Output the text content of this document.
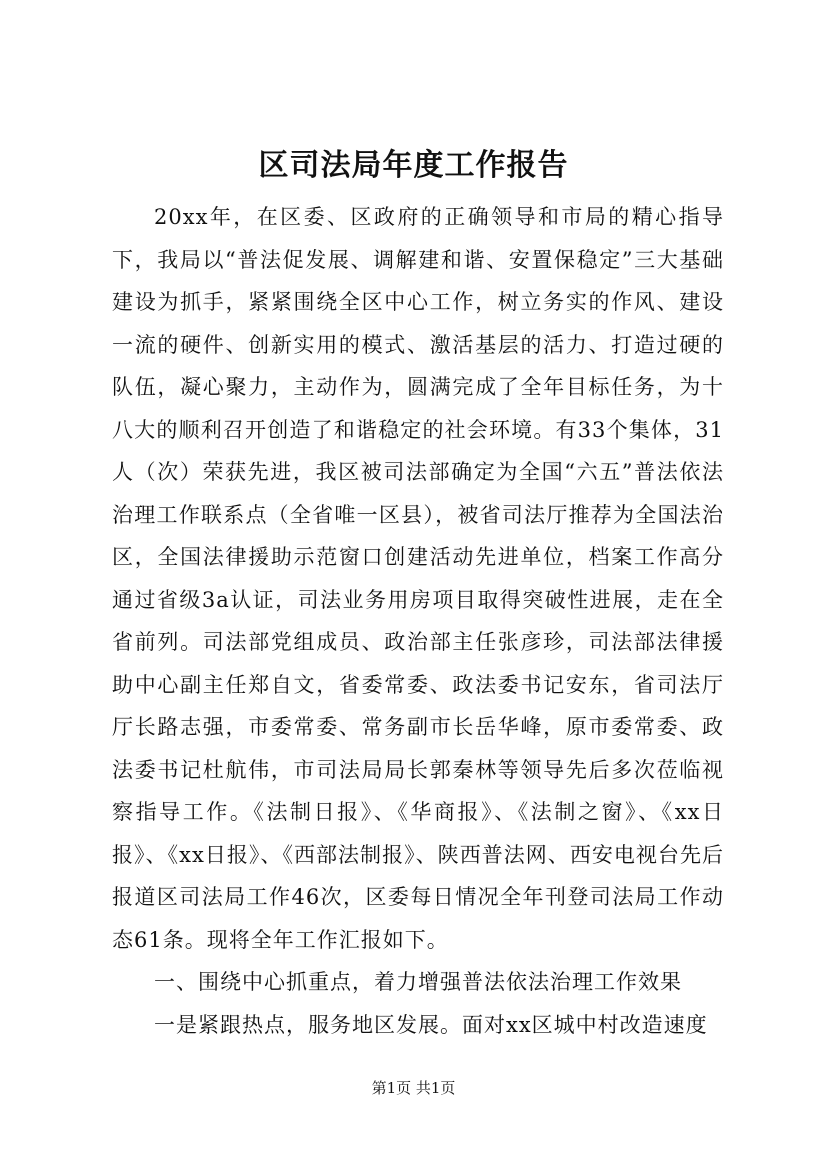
区司法局年度工作报告

20xx年，在区委、区政府的正确领导和市局的精心指导下，我局以“普法促发展、调解建和谐、安置保稳定”三大基础建设为抓手，紧紧围绕全区中心工作，树立务实的作风、建设一流的硬件、创新实用的模式、激活基层的活力、打造过硬的队伍，凝心聚力，主动作为，圆满完成了全年目标任务，为十八大的顺利召开创造了和谐稳定的社会环境。有33个集体，31人（次）荣获先进，我区被司法部确定为全国“六五”普法依法治理工作联系点（全省唯一区县），被省司法厅推荐为全国法治区，全国法律援助示范窗口创建活动先进单位，档案工作高分通过省级3a认证，司法业务用房项目取得突破性进展，走在全省前列。司法部党组成员、政治部主任张彦珍，司法部法律援助中心副主任郑自文，省委常委、政法委书记安东，省司法厅厅长路志强，市委常委、常务副市长岳华峰，原市委常委、政法委书记杜航伟，市司法局局长郭秦林等领导先后多次莅临视察指导工作。《法制日报》、《华商报》、《法制之窗》、《xx日报》、《xx日报》、《西部法制报》、陕西普法网、西安电视台先后报道区司法局工作46次，区委每日情况全年刊登司法局工作动态61条。现将全年工作汇报如下。

一、围绕中心抓重点，着力增强普法依法治理工作效果

一是紧跟热点，服务地区发展。面对xx区城中村改造速度

第1页 共1页
